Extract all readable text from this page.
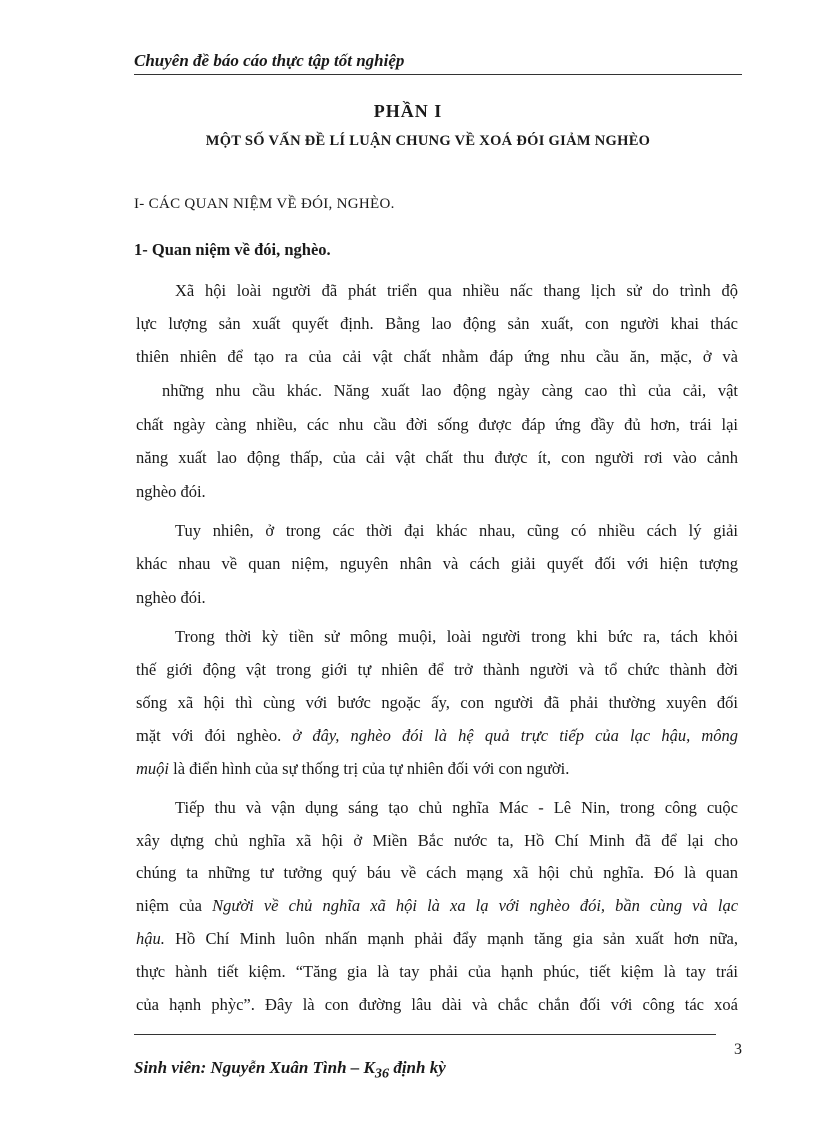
Chuyên đề báo cáo thực tập tốt nghiệp
PHẦN I
MỘT SỐ VẤN ĐỀ LÍ LUẬN CHUNG VỀ XOÁ ĐÓI GIẢM NGHÈO
I- CÁC QUAN NIỆM VỀ ĐÓI, NGHÈO.
1- Quan niệm về đói, nghèo.
Xã hội loài người đã phát triển qua nhiều nấc thang lịch sử do trình độ
lực lượng sản xuất quyết định. Bằng lao động sản xuất, con người khai thác
thiên nhiên để tạo ra của cải vật chất nhằm đáp ứng nhu cầu ăn, mặc, ở và
những nhu cầu khác. Năng xuất lao động ngày càng cao thì của cải, vật
chất ngày càng nhiều, các nhu cầu đời sống được đáp ứng đầy đủ hơn, trái lại
năng xuất lao động thấp, của cải vật chất thu được ít, con người rơi vào cảnh
nghèo đói.
Tuy nhiên, ở trong các thời đại khác nhau, cũng có nhiều cách lý giải
khác nhau về quan niệm, nguyên nhân và cách giải quyết đối với hiện tượng
nghèo đói.
Trong thời kỳ tiền sử mông muội, loài người trong khi bức ra, tách khỏi
thế giới động vật trong giới tự nhiên để trở thành người và tổ chức thành đời
sống xã hội thì cùng với bước ngoặc ấy, con người đã phải thường xuyên đối
mặt với đói nghèo. ở đây, nghèo đói là hệ quả trực tiếp của lạc hậu, mông
muội là điển hình của sự thống trị của tự nhiên đối với con người.
Tiếp thu và vận dụng sáng tạo chủ nghĩa Mác - Lê Nin, trong công cuộc
xây dựng chủ nghĩa xã hội ở Miền Bắc nước ta, Hồ Chí Minh đã để lại cho
chúng ta những tư tưởng quý báu về cách mạng xã hội chủ nghĩa. Đó là quan
niệm của Người về chủ nghĩa xã hội là xa lạ với nghèo đói, bần cùng và lạc
hậu. Hồ Chí Minh luôn nhấn mạnh phải đẩy mạnh tăng gia sản xuất hơn nữa,
thực hành tiết kiệm. “Tăng gia là tay phải của hạnh phúc, tiết kiệm là tay trái
của hạnh phỳc”. Đây là con đường lâu dài và chắc chắn đối với công tác xoá
3
Sinh viên: Nguyễn Xuân Tình – $K_{36}$ định kỳ
